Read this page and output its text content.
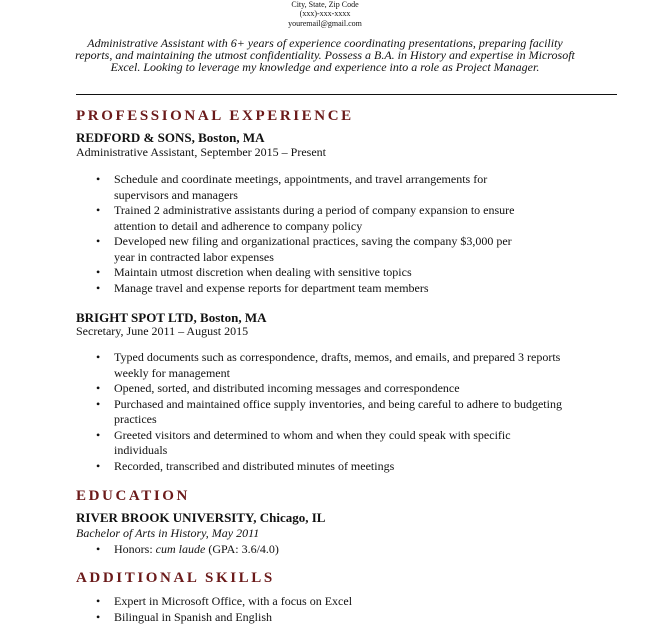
City, State, Zip Code
(xxx)-xxx-xxxx
youremail@gmail.com
Administrative Assistant with 6+ years of experience coordinating presentations, preparing facility reports, and maintaining the utmost confidentiality. Possess a B.A. in History and expertise in Microsoft Excel. Looking to leverage my knowledge and experience into a role as Project Manager.
PROFESSIONAL EXPERIENCE
REDFORD & SONS, Boston, MA
Administrative Assistant, September 2015 – Present
• Schedule and coordinate meetings, appointments, and travel arrangements for supervisors and managers
• Trained 2 administrative assistants during a period of company expansion to ensure attention to detail and adherence to company policy
• Developed new filing and organizational practices, saving the company $3,000 per year in contracted labor expenses
• Maintain utmost discretion when dealing with sensitive topics
• Manage travel and expense reports for department team members
BRIGHT SPOT LTD, Boston, MA
Secretary, June 2011 – August 2015
• Typed documents such as correspondence, drafts, memos, and emails, and prepared 3 reports weekly for management
• Opened, sorted, and distributed incoming messages and correspondence
• Purchased and maintained office supply inventories, and being careful to adhere to budgeting practices
• Greeted visitors and determined to whom and when they could speak with specific individuals
• Recorded, transcribed and distributed minutes of meetings
EDUCATION
RIVER BROOK UNIVERSITY, Chicago, IL
Bachelor of Arts in History, May 2011
• Honors: cum laude (GPA: 3.6/4.0)
ADDITIONAL SKILLS
• Expert in Microsoft Office, with a focus on Excel
• Bilingual in Spanish and English
